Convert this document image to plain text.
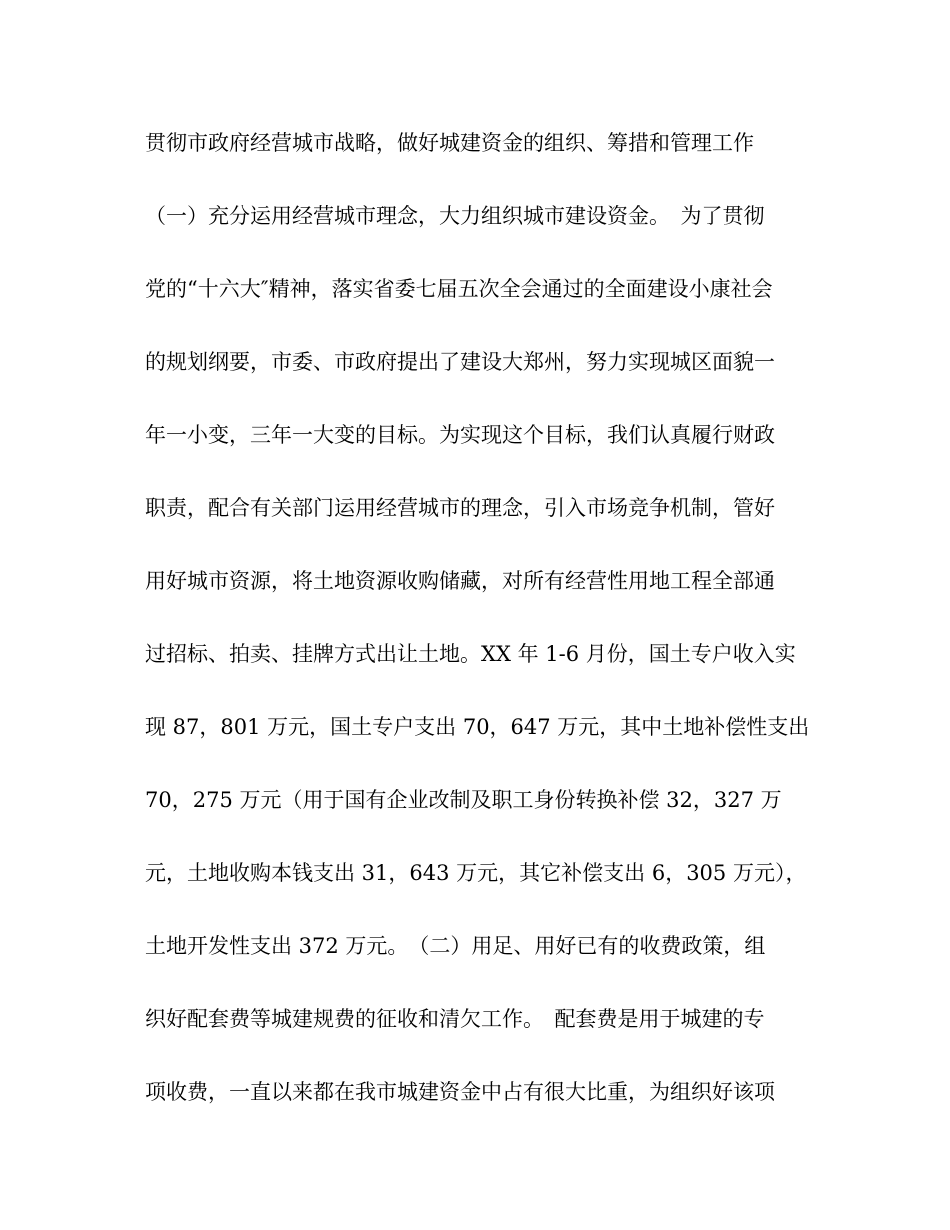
贯彻市政府经营城市战略，做好城建资金的组织、筹措和管理工作
（一）充分运用经营城市理念，大力组织城市建设资金。　为了贯彻
党的“十六大″精神，落实省委七届五次全会通过的全面建设小康社会
的规划纲要，市委、市政府提出了建设大郑州，努力实现城区面貌一
年一小变，三年一大变的目标。为实现这个目标，我们认真履行财政
职责，配合有关部门运用经营城市的理念，引入市场竞争机制，管好
用好城市资源，将土地资源收购储藏，对所有经营性用地工程全部通
过招标、拍卖、挂牌方式出让土地。XX 年 1-6 月份，国土专户收入实
现 87，801 万元，国土专户支出 70，647 万元，其中土地补偿性支出
70，275 万元（用于国有企业改制及职工身份转换补偿 32，327 万
元，土地收购本钱支出 31，643 万元，其它补偿支出 6，305 万元），
土地开发性支出 372 万元。　（二）用足、用好已有的收费政策，组
织好配套费等城建规费的征收和清欠工作。　配套费是用于城建的专
项收费，一直以来都在我市城建资金中占有很大比重，为组织好该项
